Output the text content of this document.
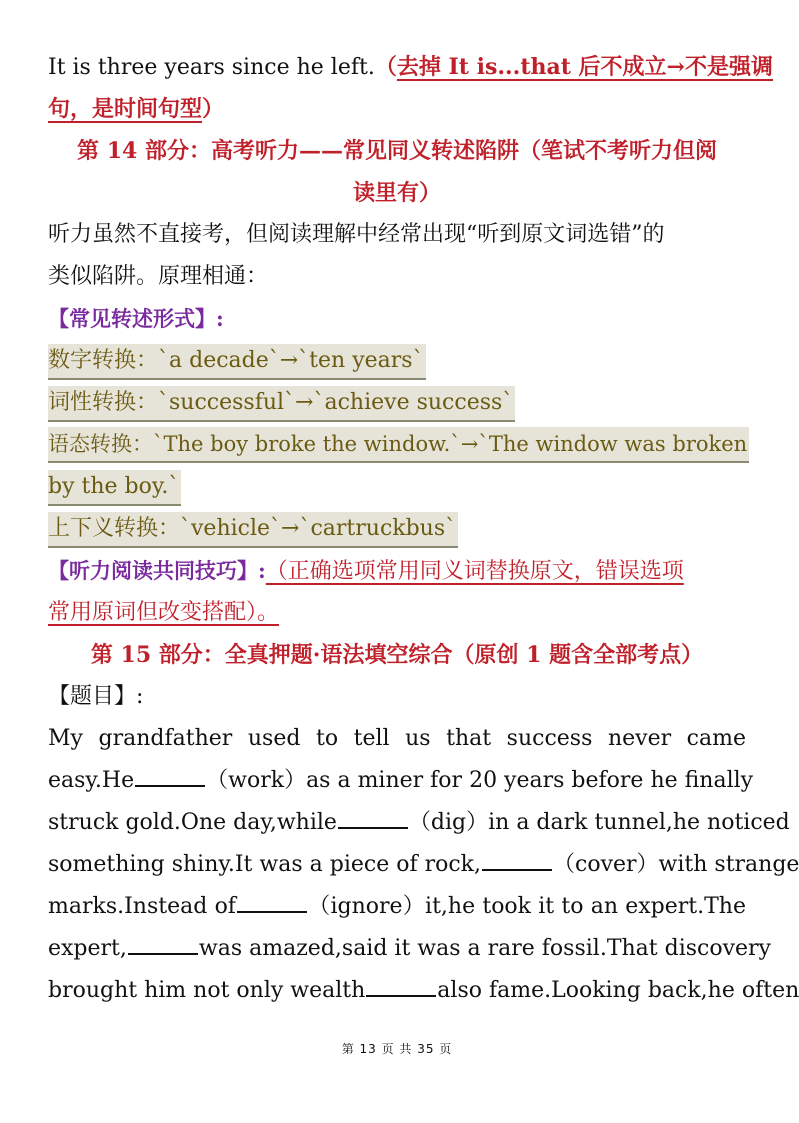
It is three years since he left.（去掉 It is...that 后不成立→不是强调
句，是时间句型）
第 14 部分：高考听力——常见同义转述陷阱（笔试不考听力但阅
读里有）
听力虽然不直接考，但阅读理解中经常出现“听到原文词选错”的
类似陷阱。原理相通：
【常见转述形式】:
数字转换：`a decade`→`ten years`
词性转换：`successful`→`achieve success`
语态转换：`The boy broke the window.`→`The window was broken
by the boy.`
上下义转换：`vehicle`→`cartruckbus`
【听力阅读共同技巧】:（正确选项常用同义词替换原文，错误选项
常用原词但改变搭配）。
第 15 部分：全真押题·语法填空综合（原创 1 题含全部考点）
【题目】:
My grandfather used to tell us that success never came
easy.He	（work）as a miner for 20 years before he finally
struck gold.One day,while	（dig）in a dark tunnel,he noticed
something shiny.It was a piece of rock,	（cover）with strange
marks.Instead of	（ignore）it,he took it to an expert.The
expert,	was amazed,said it was a rare fossil.That discovery
brought him not only wealth	also fame.Looking back,he often
第 13 页 共 35 页
